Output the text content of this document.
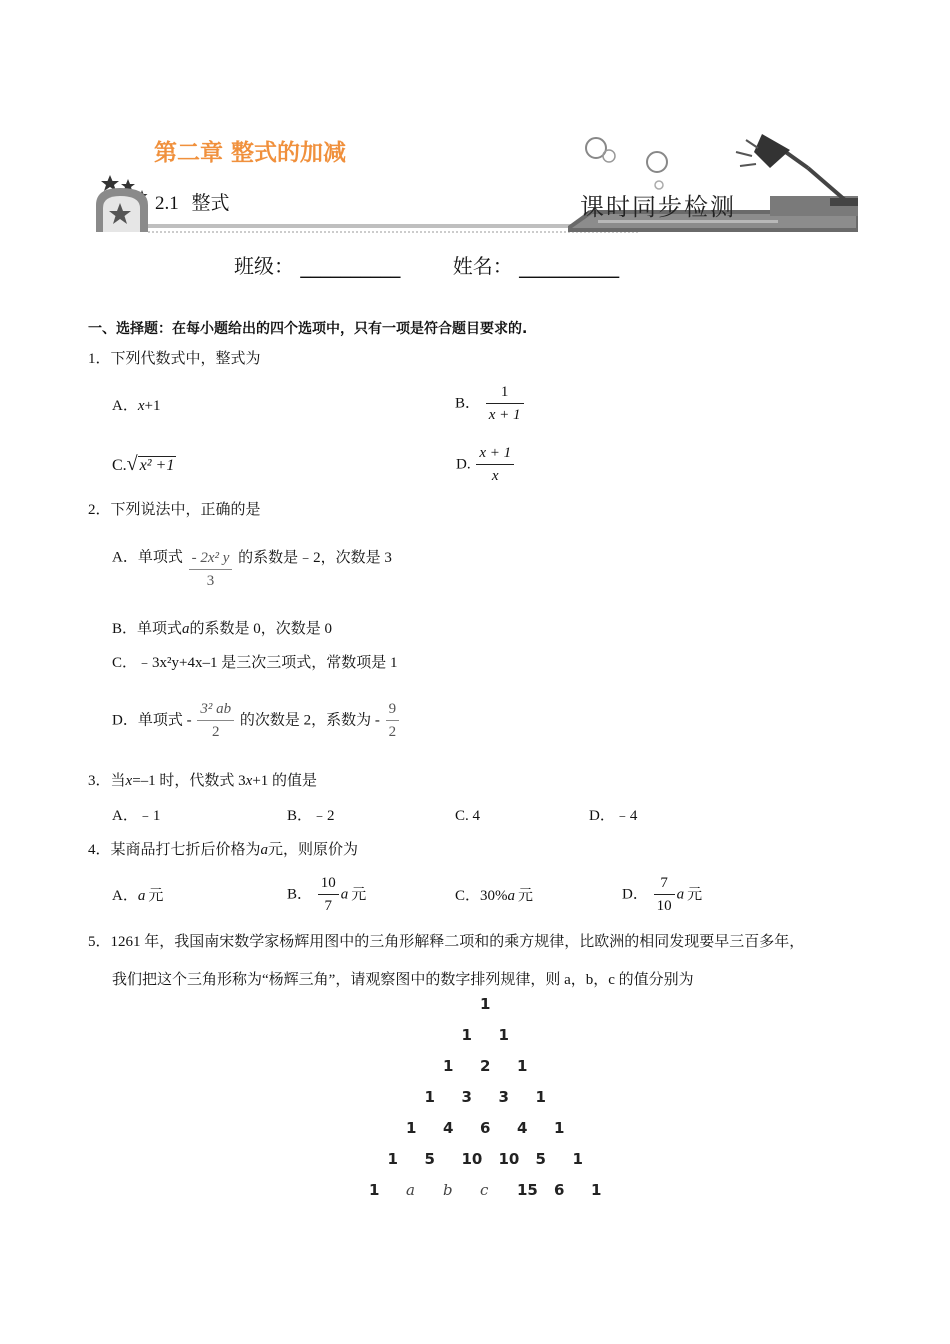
第二章 整式的加减
2.1 整式	课时同步检测
班级： __________	姓名： __________
一、选择题：在每小题给出的四个选项中，只有一项是符合题目要求的.
1．下列代数式中，整式为
A．x+1	B． $\frac{1}{x + 1}$
C.√ x² +1	D. $\frac{x + 1}{x}$
2．下列说法中，正确的是
A．单项式 $\frac{\text{- 2x² y}}{3}$ 的系数是﹣2，次数是 3
B．单项式a的系数是 0，次数是 0
C．﹣3x²y+4x–1 是三次三项式，常数项是 1
D．单项式 - $\frac{\text{3² ab}}{2}$ 的次数是 2，系数为 - $\frac{9}{2}$
3．当x=–1 时，代数式 3x+1 的值是
A．﹣1	B．﹣2	C. 4	D．﹣4
4．某商品打七折后价格为a元，则原价为
A．a 元	B． $\frac{10}{7}$ a 元	C．30%a 元	D． $\frac{7}{10}$ a 元
5．1261 年，我国南宋数学家杨辉用图中的三角形解释二项和的乘方规律，比欧洲的相同发现要早三百多年，
我们把这个三角形称为“杨辉三角”，请观察图中的数字排列规律，则 a，b，c 的值分别为
1
1 1
1 2 1
1 3 3 1
1 4 6 4 1
1 5 10 10 5 1
1 a b c 15 6 1
